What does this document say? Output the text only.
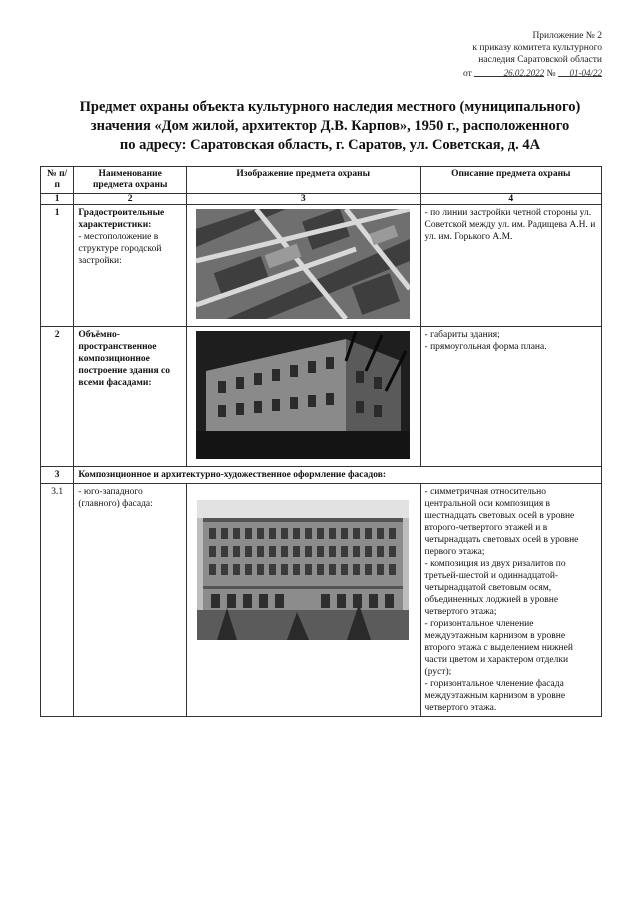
Приложение № 2
к приказу комитета культурного
наследия Саратовской области
от	26.02.2022 № 01-04/22
Предмет охраны объекта культурного наследия местного (муниципального)
значения «Дом жилой, архитектор Д.В. Карпов», 1950 г., расположенного
по адресу: Саратовская область, г. Саратов, ул. Советская, д. 4А
№ п/п	Наименование предмета охраны	Изображение предмета охраны	Описание предмета охраны
1	2	3	4
1	Градостроительные характеристики:
- местоположение в структуре городской застройки:		- по линии застройки четной стороны ул. Советской между ул. им. Радищева А.Н. и ул. им. Горького А.М.

2	Объёмно-пространственное композиционное построение здания со всеми фасадами:		- габариты здания;

- прямоугольная форма плана.

3	Композиционное и архитектурно-художественное оформление фасадов:		
3.1	- юго-западного (главного) фасада:		- симметричная относительно центральной оси композиция в шестнадцать световых осей в уровне второго-четвертого этажей и в четырнадцать световых осей в уровне первого этажа;

- композиция из двух ризалитов по третьей-шестой и одиннадцатой-четырнадцатой световым осям, объединенных лоджией в уровне четвертого этажа;

- горизонтальное членение междуэтажным карнизом в уровне второго этажа с выделением нижней части цветом и характером отделки (руст);

- горизонтальное членение фасада междуэтажным карнизом в уровне четвертого этажа.
